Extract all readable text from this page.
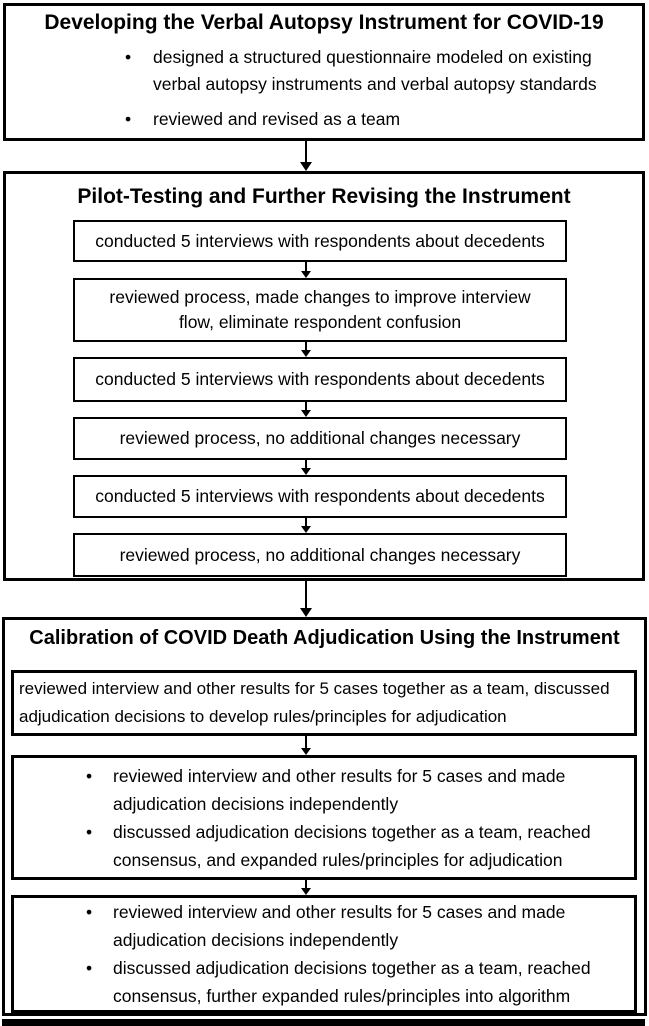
Developing the Verbal Autopsy Instrument for COVID-19
• designed a structured questionnaire modeled on existing verbal autopsy instruments and verbal autopsy standards
• reviewed and revised as a team
Pilot-Testing and Further Revising the Instrument
conducted 5 interviews with respondents about decedents
reviewed process, made changes to improve interview flow, eliminate respondent confusion
conducted 5 interviews with respondents about decedents
reviewed process, no additional changes necessary
conducted 5 interviews with respondents about decedents
reviewed process, no additional changes necessary
Calibration of COVID Death Adjudication Using the Instrument
reviewed interview and other results for 5 cases together as a team, discussed adjudication decisions to develop rules/principles for adjudication
• reviewed interview and other results for 5 cases and made adjudication decisions independently
• discussed adjudication decisions together as a team, reached consensus, and expanded rules/principles for adjudication
• reviewed interview and other results for 5 cases and made adjudication decisions independently
• discussed adjudication decisions together as a team, reached consensus, further expanded rules/principles into algorithm
